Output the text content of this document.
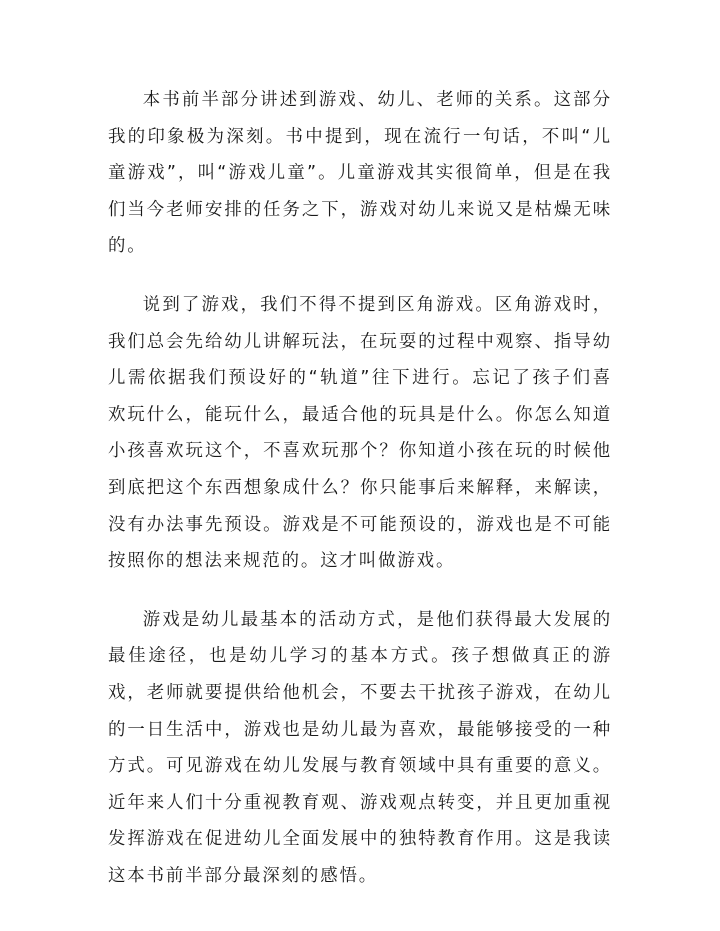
本书前半部分讲述到游戏、幼儿、老师的关系。这部分我的印象极为深刻。书中提到，现在流行一句话，不叫“儿童游戏”，叫“游戏儿童”。儿童游戏其实很简单，但是在我们当今老师安排的任务之下，游戏对幼儿来说又是枯燥无味的。

说到了游戏，我们不得不提到区角游戏。区角游戏时，我们总会先给幼儿讲解玩法，在玩耍的过程中观察、指导幼儿需依据我们预设好的“轨道”往下进行。忘记了孩子们喜欢玩什么，能玩什么，最适合他的玩具是什么。你怎么知道小孩喜欢玩这个，不喜欢玩那个？你知道小孩在玩的时候他到底把这个东西想象成什么？你只能事后来解释，来解读，没有办法事先预设。游戏是不可能预设的，游戏也是不可能按照你的想法来规范的。这才叫做游戏。

游戏是幼儿最基本的活动方式，是他们获得最大发展的最佳途径，也是幼儿学习的基本方式。孩子想做真正的游戏，老师就要提供给他机会，不要去干扰孩子游戏，在幼儿的一日生活中，游戏也是幼儿最为喜欢，最能够接受的一种方式。可见游戏在幼儿发展与教育领域中具有重要的意义。近年来人们十分重视教育观、游戏观点转变，并且更加重视发挥游戏在促进幼儿全面发展中的独特教育作用。这是我读这本书前半部分最深刻的感悟。
